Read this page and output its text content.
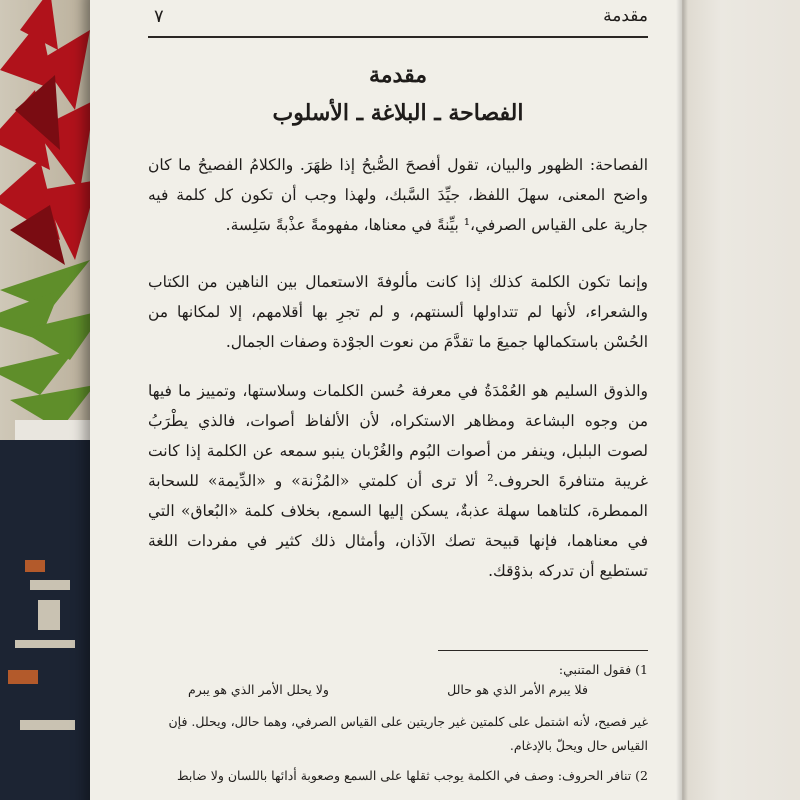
مقدمة
٧
مقدمة
الفصاحة ـ البلاغة ـ الأسلوب
الفصاحة: الظهور والبيان، تقول أفصحَ الصُّبحُ إذا ظهَرَ. والكلامُ الفصيحُ ما كان واضح المعنى، سهلَ اللفظ، جيِّدَ السَّبك، ولهذا وجب أن تكون كل كلمة فيه جارية على القياس الصرفي،¹ بيِّنةً في معناها، مفهومةً عذْبةً سَلِسة.
وإنما تكون الكلمة كذلك إذا كانت مألوفةَ الاستعمال بين الناهين من الكتاب والشعراء، لأنها لم تتداولها ألسنتهم، و لم تجرِ بها أقلامهم، إلا لمكانها من الحُسْن باستكمالها جميعَ ما تقدَّمَ من نعوت الجوْدة وصفات الجمال.
والذوق السليم هو العُمْدَةُ في معرفة حُسن الكلمات وسلاستها، وتمييز ما فيها من وجوه البشاعة ومظاهر الاستكراه، لأن الألفاظ أصوات، فالذي يطْرَبُ لصوت البلبل، وينفر من أصوات البُوم والغُرْبان ينبو سمعه عن الكلمة إذا كانت غريبة متنافرةَ الحروف.² ألا ترى أن كلمتي «المُزْنة» و «الدِّيمة» للسحابة الممطرة، كلتاهما سهلة عذبةٌ، يسكن إليها السمع، بخلاف كلمة «البُعاق» التي في معناهما، فإنها قبيحة تصك الآذان، وأمثال ذلك كثير في مفردات اللغة تستطيع أن تدركه بذوْقك.
1) فقول المتنبي:
فلا يبرم الأمر الذي هو حالل
ولا يحلل الأمر الذي هو يبرم
غير فصيح، لأنه اشتمل على كلمتين غير جاريتين على القياس الصرفي، وهما حالل، ويحلل. فإن القياس حال ويحلّ بالإدغام.
2) تنافر الحروف: وصف في الكلمة يوجب ثقلها على السمع وصعوبة أدائها باللسان ولا ضابط
